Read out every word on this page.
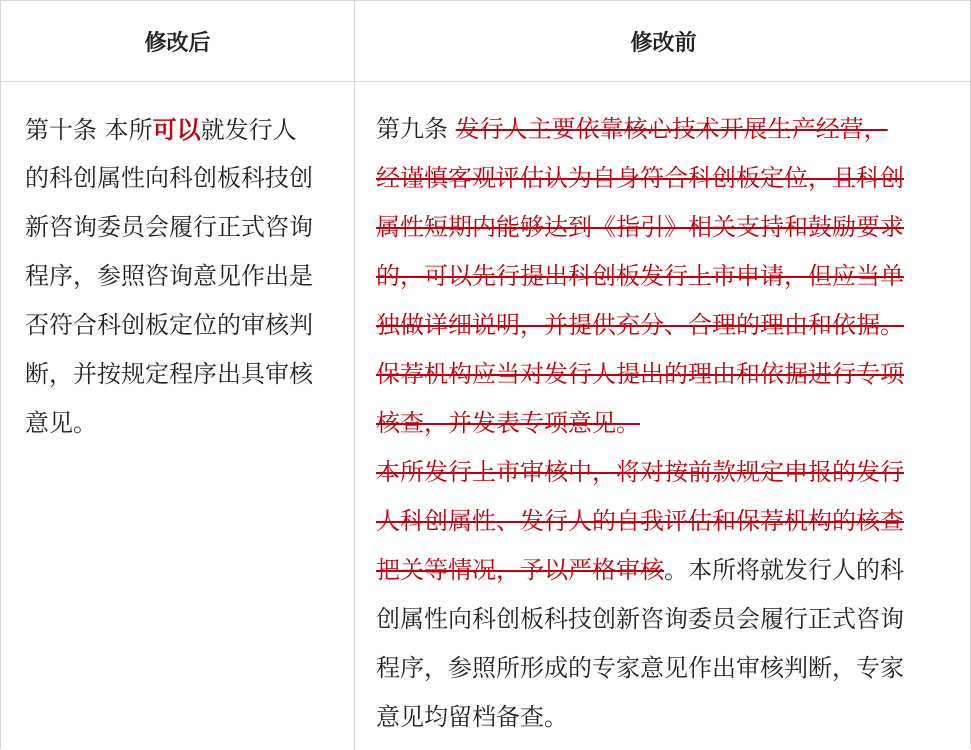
修改后	修改前
第十条 本所可以就发行人
的科创属性向科创板科技创
新咨询委员会履行正式咨询
程序，参照咨询意见作出是
否符合科创板定位的审核判
断，并按规定程序出具审核
意见。
第九条 发行人主要依靠核心技术开展生产经营，
经谨慎客观评估认为自身符合科创板定位，且科创
属性短期内能够达到《指引》相关支持和鼓励要求
的，可以先行提出科创板发行上市申请，但应当单
独做详细说明，并提供充分、合理的理由和依据。
保荐机构应当对发行人提出的理由和依据进行专项
核查，并发表专项意见。
本所发行上市审核中，将对按前款规定申报的发行
人科创属性、发行人的自我评估和保荐机构的核查
把关等情况，予以严格审核。本所将就发行人的科
创属性向科创板科技创新咨询委员会履行正式咨询
程序，参照所形成的专家意见作出审核判断，专家
意见均留档备查。
